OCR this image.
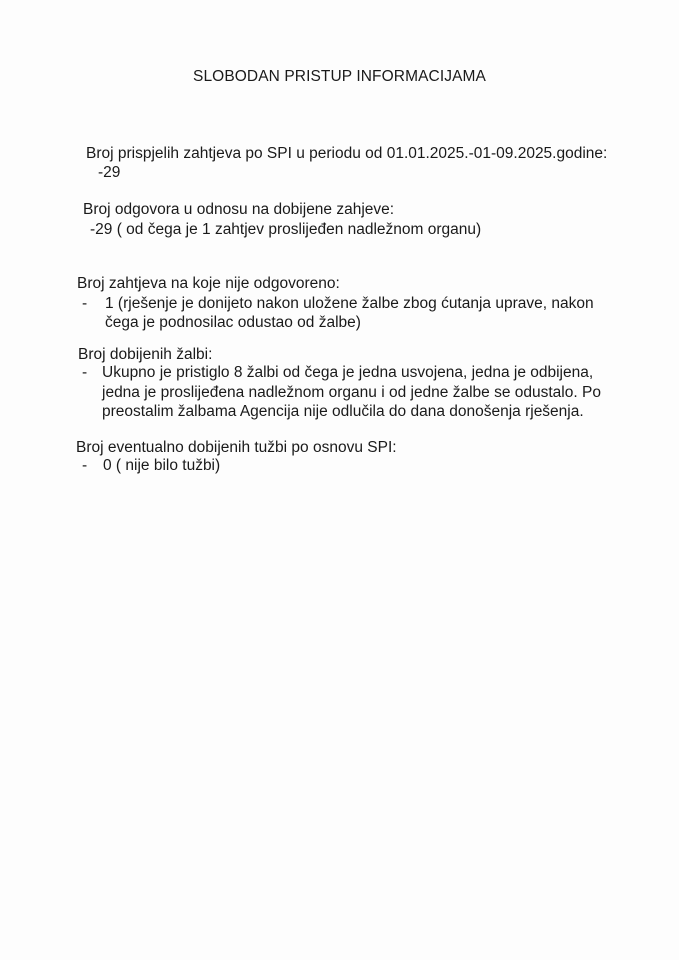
SLOBODAN PRISTUP INFORMACIJAMA
Broj prispjelih zahtjeva po SPI u periodu od 01.01.2025.-01-09.2025.godine:
-29
Broj odgovora u odnosu na dobijene zahjeve:
-29 ( od čega je 1 zahtjev proslijeđen nadležnom organu)
Broj zahtjeva na koje nije odgovoreno:
- 1 (rješenje je donijeto nakon uložene žalbe zbog ćutanja uprave, nakon
čega je podnosilac odustao od žalbe)
Broj dobijenih žalbi:
- Ukupno je pristiglo 8 žalbi od čega je jedna usvojena, jedna je odbijena,
jedna je proslijeđena nadležnom organu i od jedne žalbe se odustalo. Po
preostalim žalbama Agencija nije odlučila do dana donošenja rješenja.
Broj eventualno dobijenih tužbi po osnovu SPI:
- 0 ( nije bilo tužbi)
